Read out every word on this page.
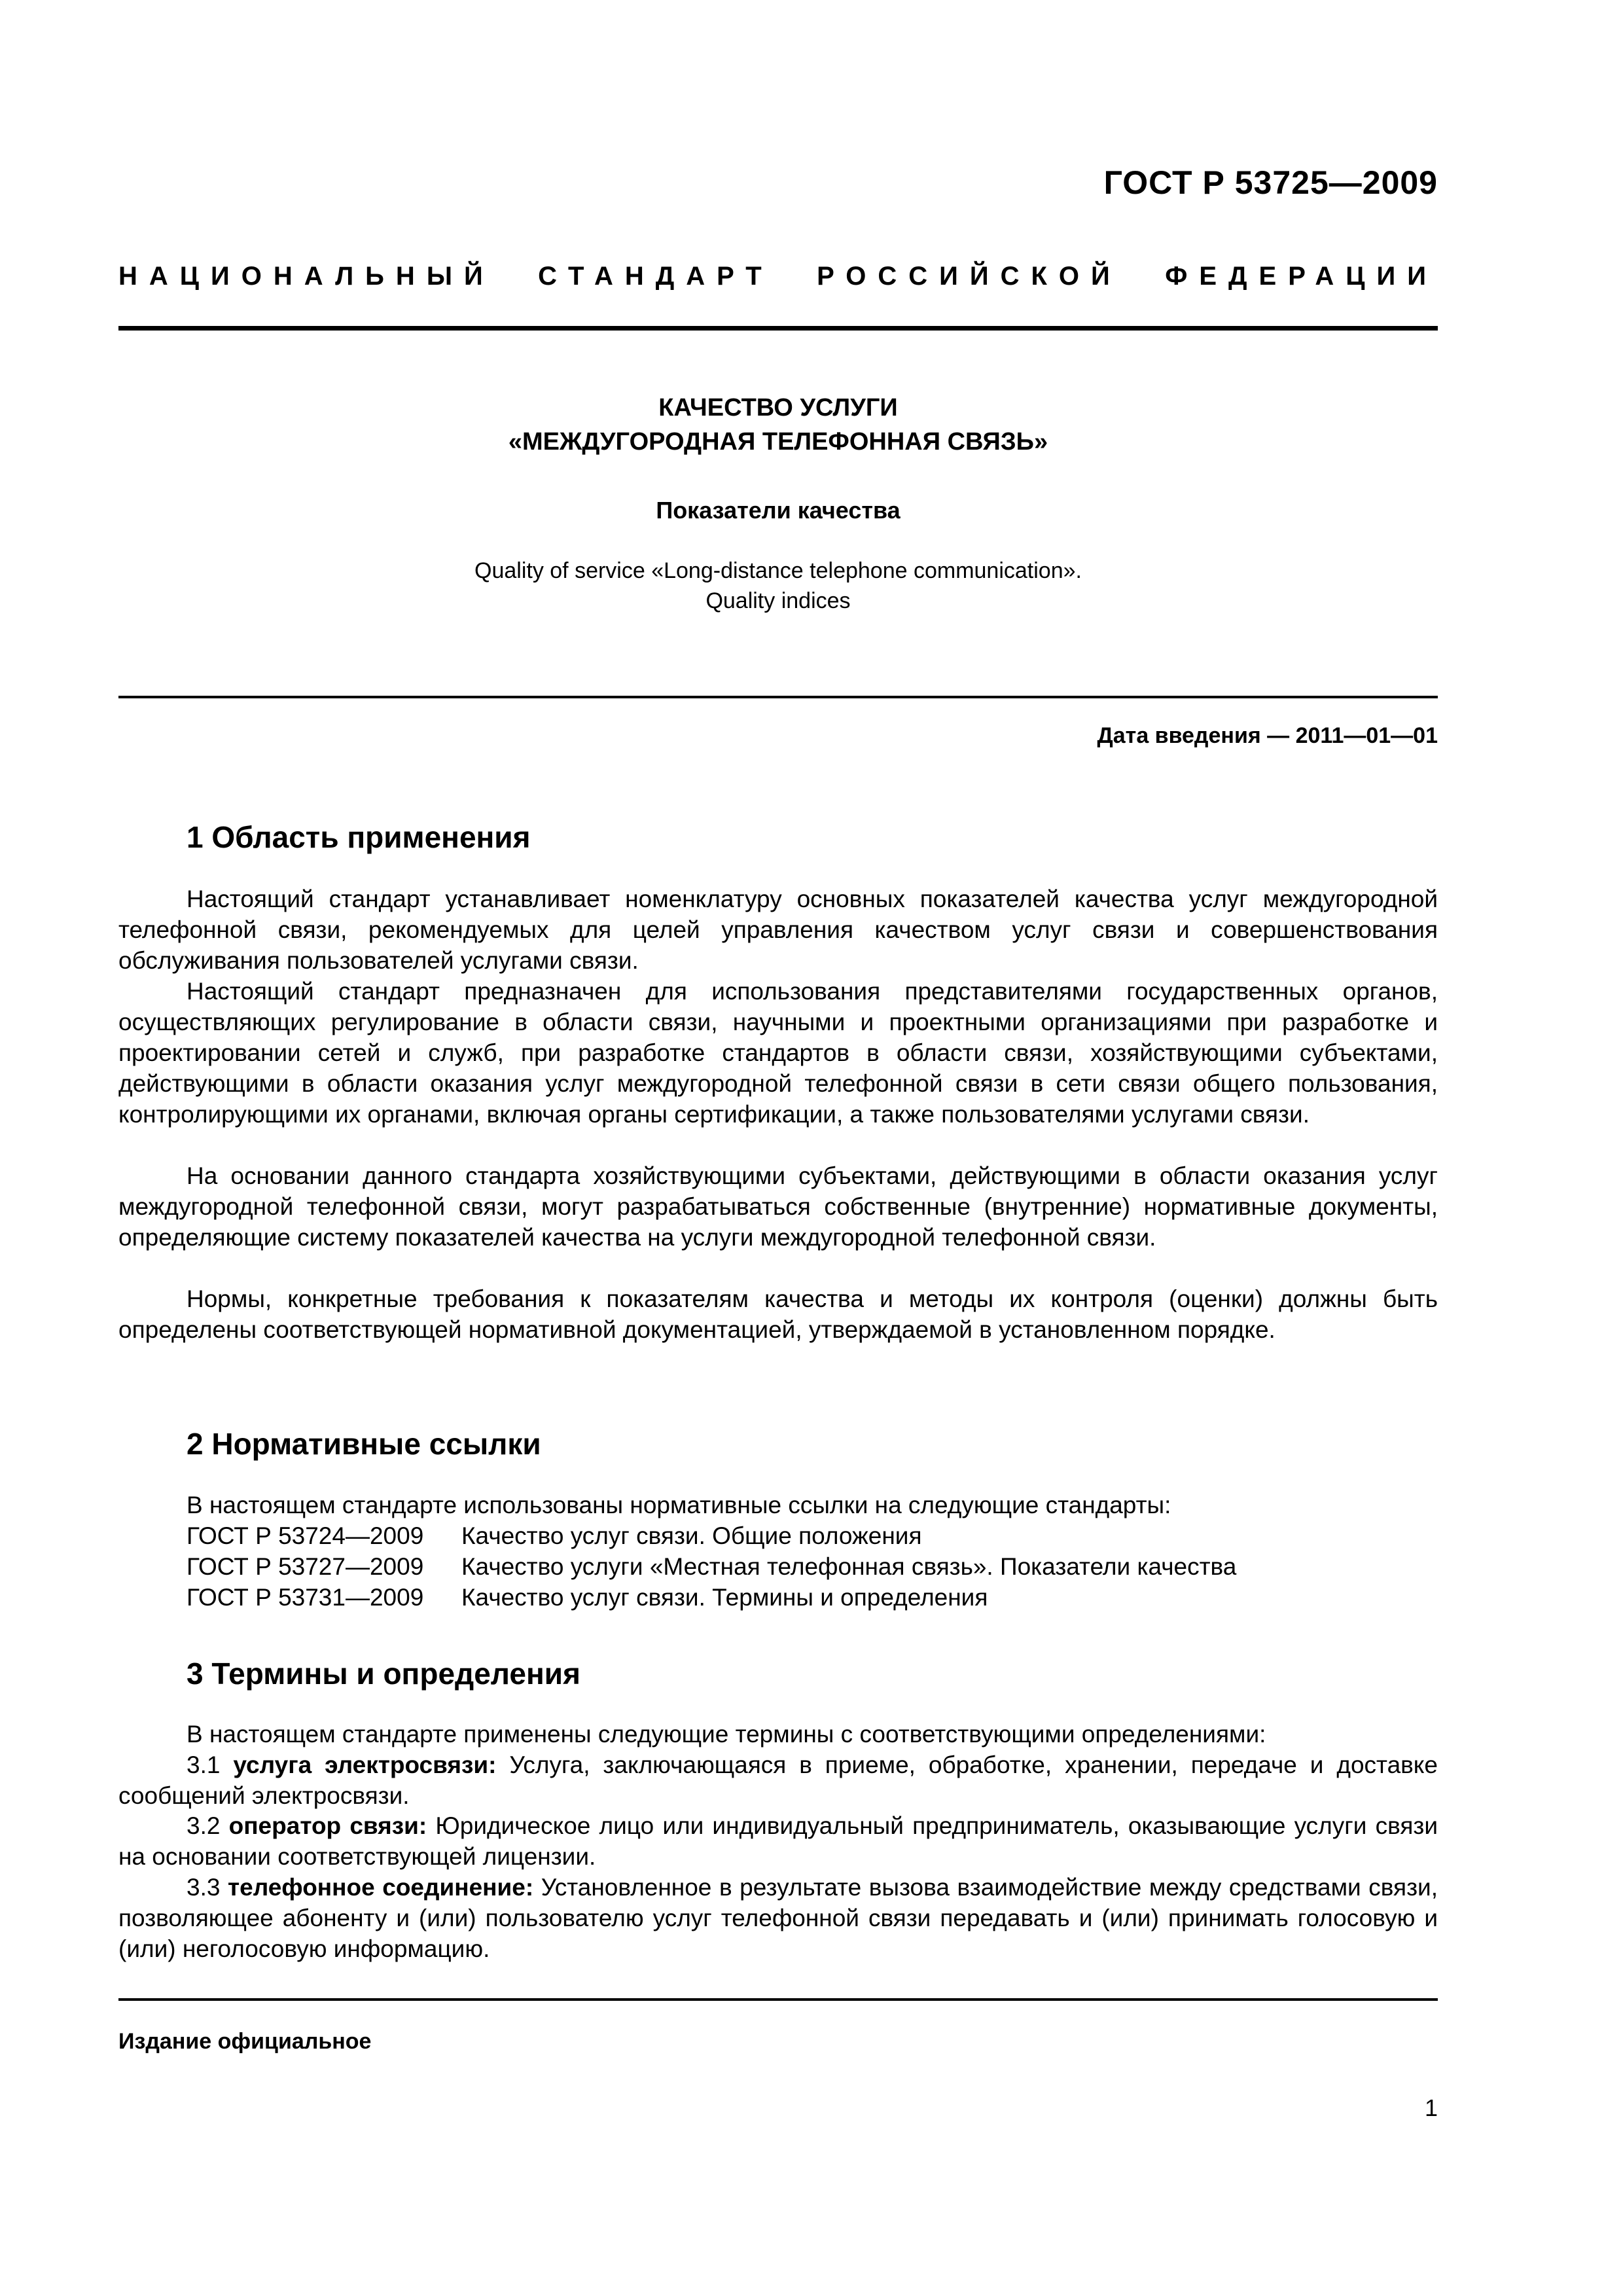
ГОСТ Р 53725—2009
НАЦИОНАЛЬНЫЙ СТАНДАРТ РОССИЙСКОЙ ФЕДЕРАЦИИ
КАЧЕСТВО УСЛУГИ
«МЕЖДУГОРОДНАЯ ТЕЛЕФОННАЯ СВЯЗЬ»
Показатели качества
Quality of service «Long-distance telephone communication».
Quality indices
Дата введения — 2011—01—01
1 Область применения

Настоящий стандарт устанавливает номенклатуру основных показателей качества услуг междугородной телефонной связи, рекомендуемых для целей управления качеством услуг связи и совершенствования обслуживания пользователей услугами связи.

Настоящий стандарт предназначен для использования представителями государственных органов, осуществляющих регулирование в области связи, научными и проектными организациями при разработке и проектировании сетей и служб, при разработке стандартов в области связи, хозяйствующими субъектами, действующими в области оказания услуг междугородной телефонной связи в сети связи общего пользования, контролирующими их органами, включая органы сертификации, а также пользователями услугами связи.

На основании данного стандарта хозяйствующими субъектами, действующими в области оказания услуг междугородной телефонной связи, могут разрабатываться собственные (внутренние) нормативные документы, определяющие систему показателей качества на услуги междугородной телефонной связи.

Нормы, конкретные требования к показателям качества и методы их контроля (оценки) должны быть определены соответствующей нормативной документацией, утверждаемой в установленном порядке.

2 Нормативные ссылки

В настоящем стандарте использованы нормативные ссылки на следующие стандарты:

ГОСТ Р 53724—2009 Качество услуг связи. Общие положения
ГОСТ Р 53727—2009 Качество услуги «Местная телефонная связь». Показатели качества
ГОСТ Р 53731—2009 Качество услуг связи. Термины и определения
3 Термины и определения

В настоящем стандарте применены следующие термины с соответствующими определениями:

3.1 услуга электросвязи: Услуга, заключающаяся в приеме, обработке, хранении, передаче и доставке сообщений электросвязи.

3.2 оператор связи: Юридическое лицо или индивидуальный предприниматель, оказывающие услуги связи на основании соответствующей лицензии.

3.3 телефонное соединение: Установленное в результате вызова взаимодействие между средствами связи, позволяющее абоненту и (или) пользователю услуг телефонной связи передавать и (или) принимать голосовую и (или) неголосовую информацию.

Издание официальное
1
